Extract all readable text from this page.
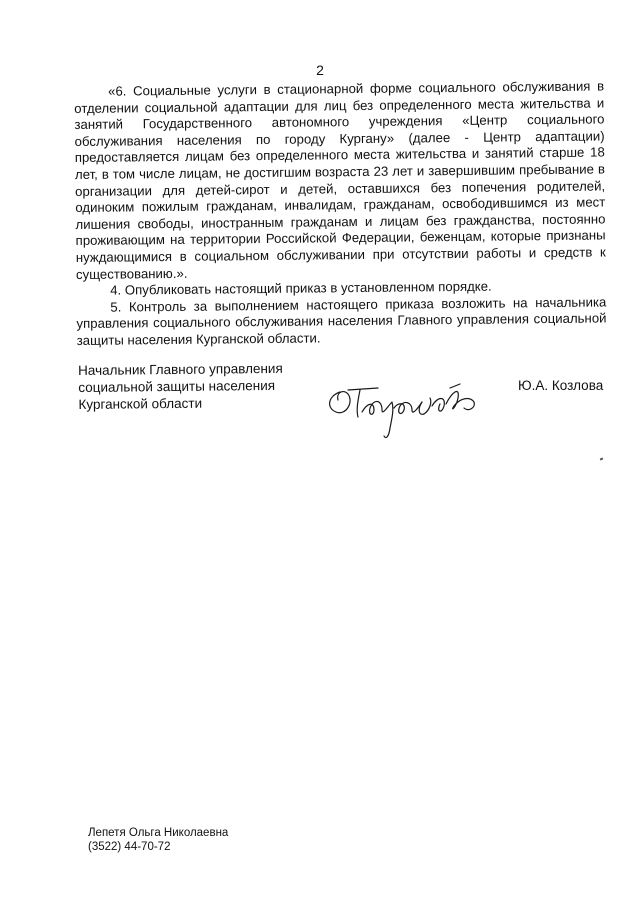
2

«6. Социальные услуги в стационарной форме социального обслуживания в отделении социальной адаптации для лиц без определенного места жительства и занятий Государственного автономного учреждения «Центр социального обслуживания населения по городу Кургану» (далее - Центр адаптации) предоставляется лицам без определенного места жительства и занятий старше 18 лет, в том числе лицам, не достигшим возраста 23 лет и завершившим пребывание в организации для детей-сирот и детей, оставшихся без попечения родителей, одиноким пожилым гражданам, инвалидам, гражданам, освободившимся из мест лишения свободы, иностранным гражданам и лицам без гражданства, постоянно проживающим на территории Российской Федерации, беженцам, которые признаны нуждающимися в социальном обслуживании при отсутствии работы и средств к существованию.».

4. Опубликовать настоящий приказ в установленном порядке.

5. Контроль за выполнением настоящего приказа возложить на начальника управления социального обслуживания населения Главного управления социальной защиты населения Курганской области.

Начальник Главного управления
социальной защиты населения
Курганской области
Ю.А. Козлова
Лепетя Ольга Николаевна
(3522) 44-70-72
